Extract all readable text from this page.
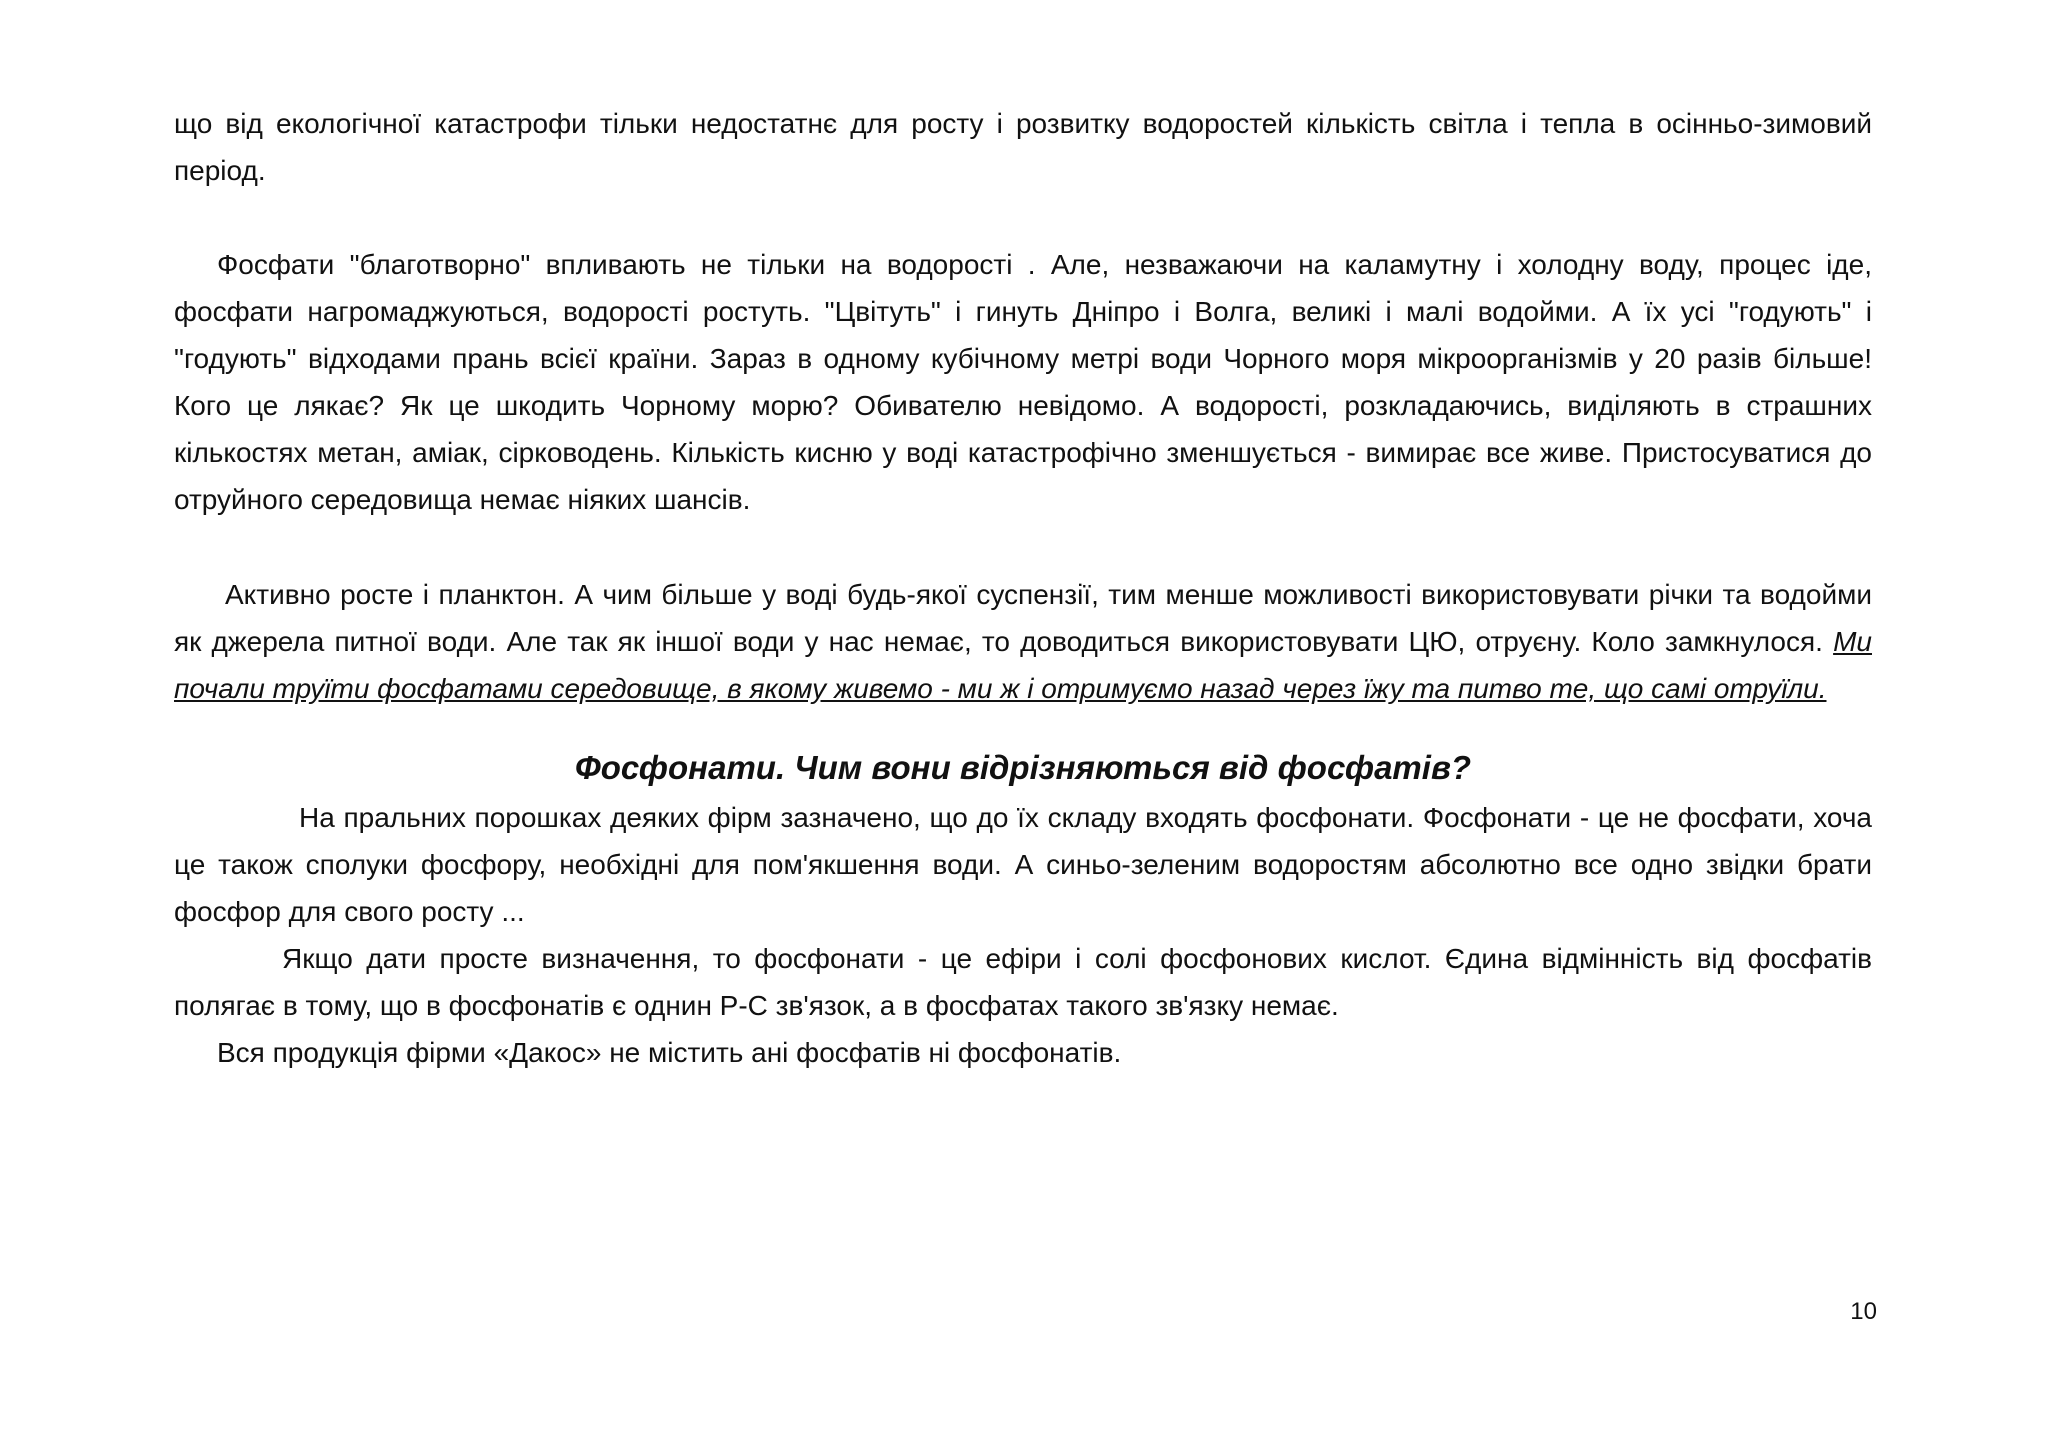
що від екологічної катастрофи тільки недостатнє для росту і розвитку водоростей кількість світла і тепла в осінньо-зимовий період.

Фосфати "благотворно" впливають не тільки на водорості . Але, незважаючи на каламутну і холодну воду, процес іде, фосфати нагромаджуються, водорості ростуть. "Цвітуть" і гинуть Дніпро і Волга, великі і малі водойми. А їх усі "годують" і "годують" відходами прань всієї країни. Зараз в одному кубічному метрі води Чорного моря мікроорганізмів у 20 разів більше! Кого це лякає? Як це шкодить Чорному морю? Обивателю невідомо. А водорості, розкладаючись, виділяють в страшних кількостях метан, аміак, сірководень. Кількість кисню у воді катастрофічно зменшується - вимирає все живе. Пристосуватися до отруйного середовища немає ніяких шансів.

Активно росте і планктон. А чим більше у воді будь-якої суспензії, тим менше можливості використовувати річки та водойми як джерела питної води. Але так як іншої води у нас немає, то доводиться використовувати ЦЮ, отруєну. Коло замкнулося. Ми почали труїти фосфатами середовище, в якому живемо - ми ж і отримуємо назад через їжу та питво те, що самі отруїли.

Фосфонати. Чим вони відрізняються від фосфатів?

На пральних порошках деяких фірм зазначено, що до їх складу входять фосфонати. Фосфонати - це не фосфати, хоча це також сполуки фосфору, необхідні для пом'якшення води. А синьо-зеленим водоростям абсолютно все одно звідки брати фосфор для свого росту ...

Якщо дати просте визначення, то фосфонати - це ефіри і солі фосфонових кислот. Єдина відмінність від фосфатів полягає в тому, що в фосфонатів є однин P-C зв'язок, а в фосфатах такого зв'язку немає.

Вся продукція фірми «Дакос» не містить ані фосфатів ні фосфонатів.

10
